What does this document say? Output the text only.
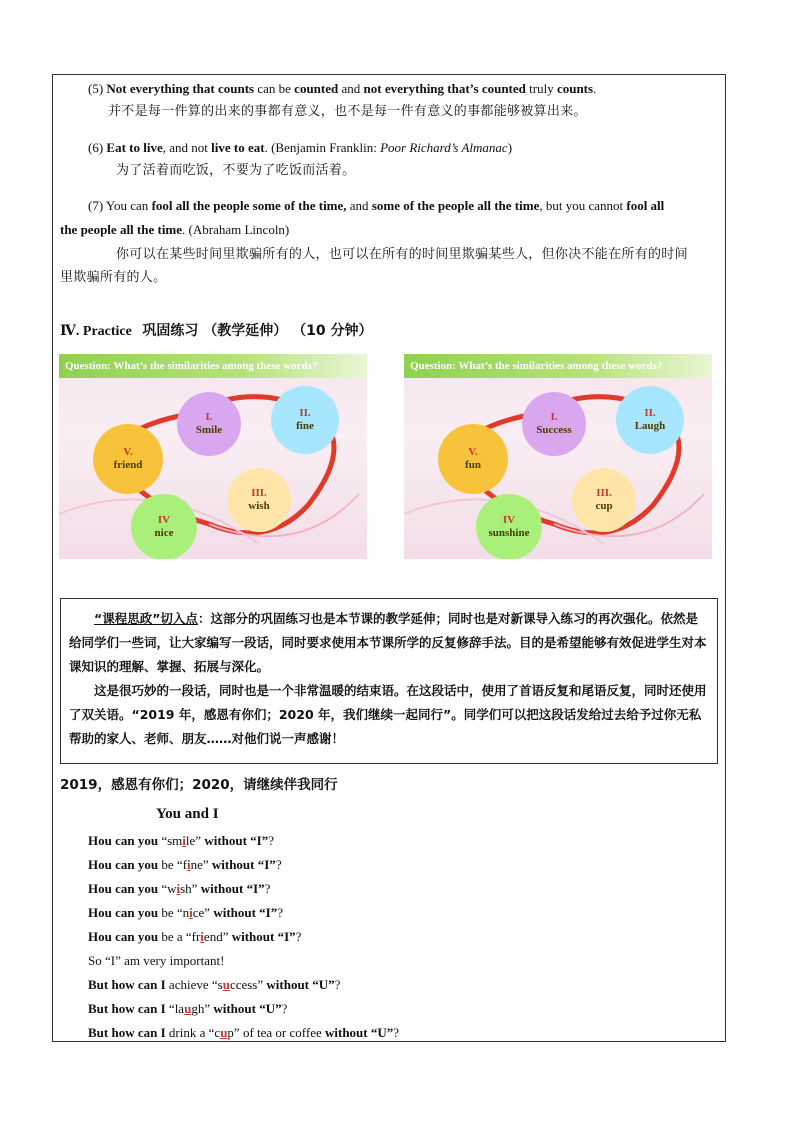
(5) Not everything that counts can be counted and not everything that’s counted truly counts.
并不是每一件算的出来的事都有意义，也不是每一件有意义的事都能够被算出来。
(6) Eat to live, and not live to eat. (Benjamin Franklin: Poor Richard’s Almanac)
为了活着而吃饭，不要为了吃饭而活着。
(7) You can fool all the people some of the time, and some of the people all the time, but you cannot fool all
the people all the time. (Abraham Lincoln)
你可以在某些时间里欺骗所有的人，也可以在所有的时间里欺骗某些人，但你决不能在所有的时间
里欺骗所有的人。
Ⅳ. Practice 巩固练习 （教学延伸） （10 分钟）
Question: What’s the similarities among these words?
I.
Smile
II.
fine
III.
wish
IV
nice
V.
friend
Question: What’s the similarities among these words?
I.
Success
II.
Laugh
III.
cup
IV
sunshine
V.
fun

“课程思政”切入点：这部分的巩固练习也是本节课的教学延伸；同时也是对新课导入练习的再次强化。依然是给同学们一些词，让大家编写一段话，同时要求使用本节课所学的反复修辞手法。目的是希望能够有效促进学生对本课知识的理解、掌握、拓展与深化。

这是很巧妙的一段话，同时也是一个非常温暖的结束语。在这段话中，使用了首语反复和尾语反复，同时还使用了双关语。“2019 年，感恩有你们；2020 年，我们继续一起同行”。同学们可以把这段话发给过去给予过你无私帮助的家人、老师、朋友……对他们说一声感谢！

2019，感恩有你们；2020，请继续伴我同行
You and I
Hou can you “smile” without “I”?
Hou can you be “fine” without “I”?
Hou can you “wish” without “I”?
Hou can you be “nice” without “I”?
Hou can you be a “friend” without “I”?
So “I” am very important!
But how can I achieve “success” without “U”?
But how can I “laugh” without “U”?
But how can I drink a “cup” of tea or coffee without “U”?
